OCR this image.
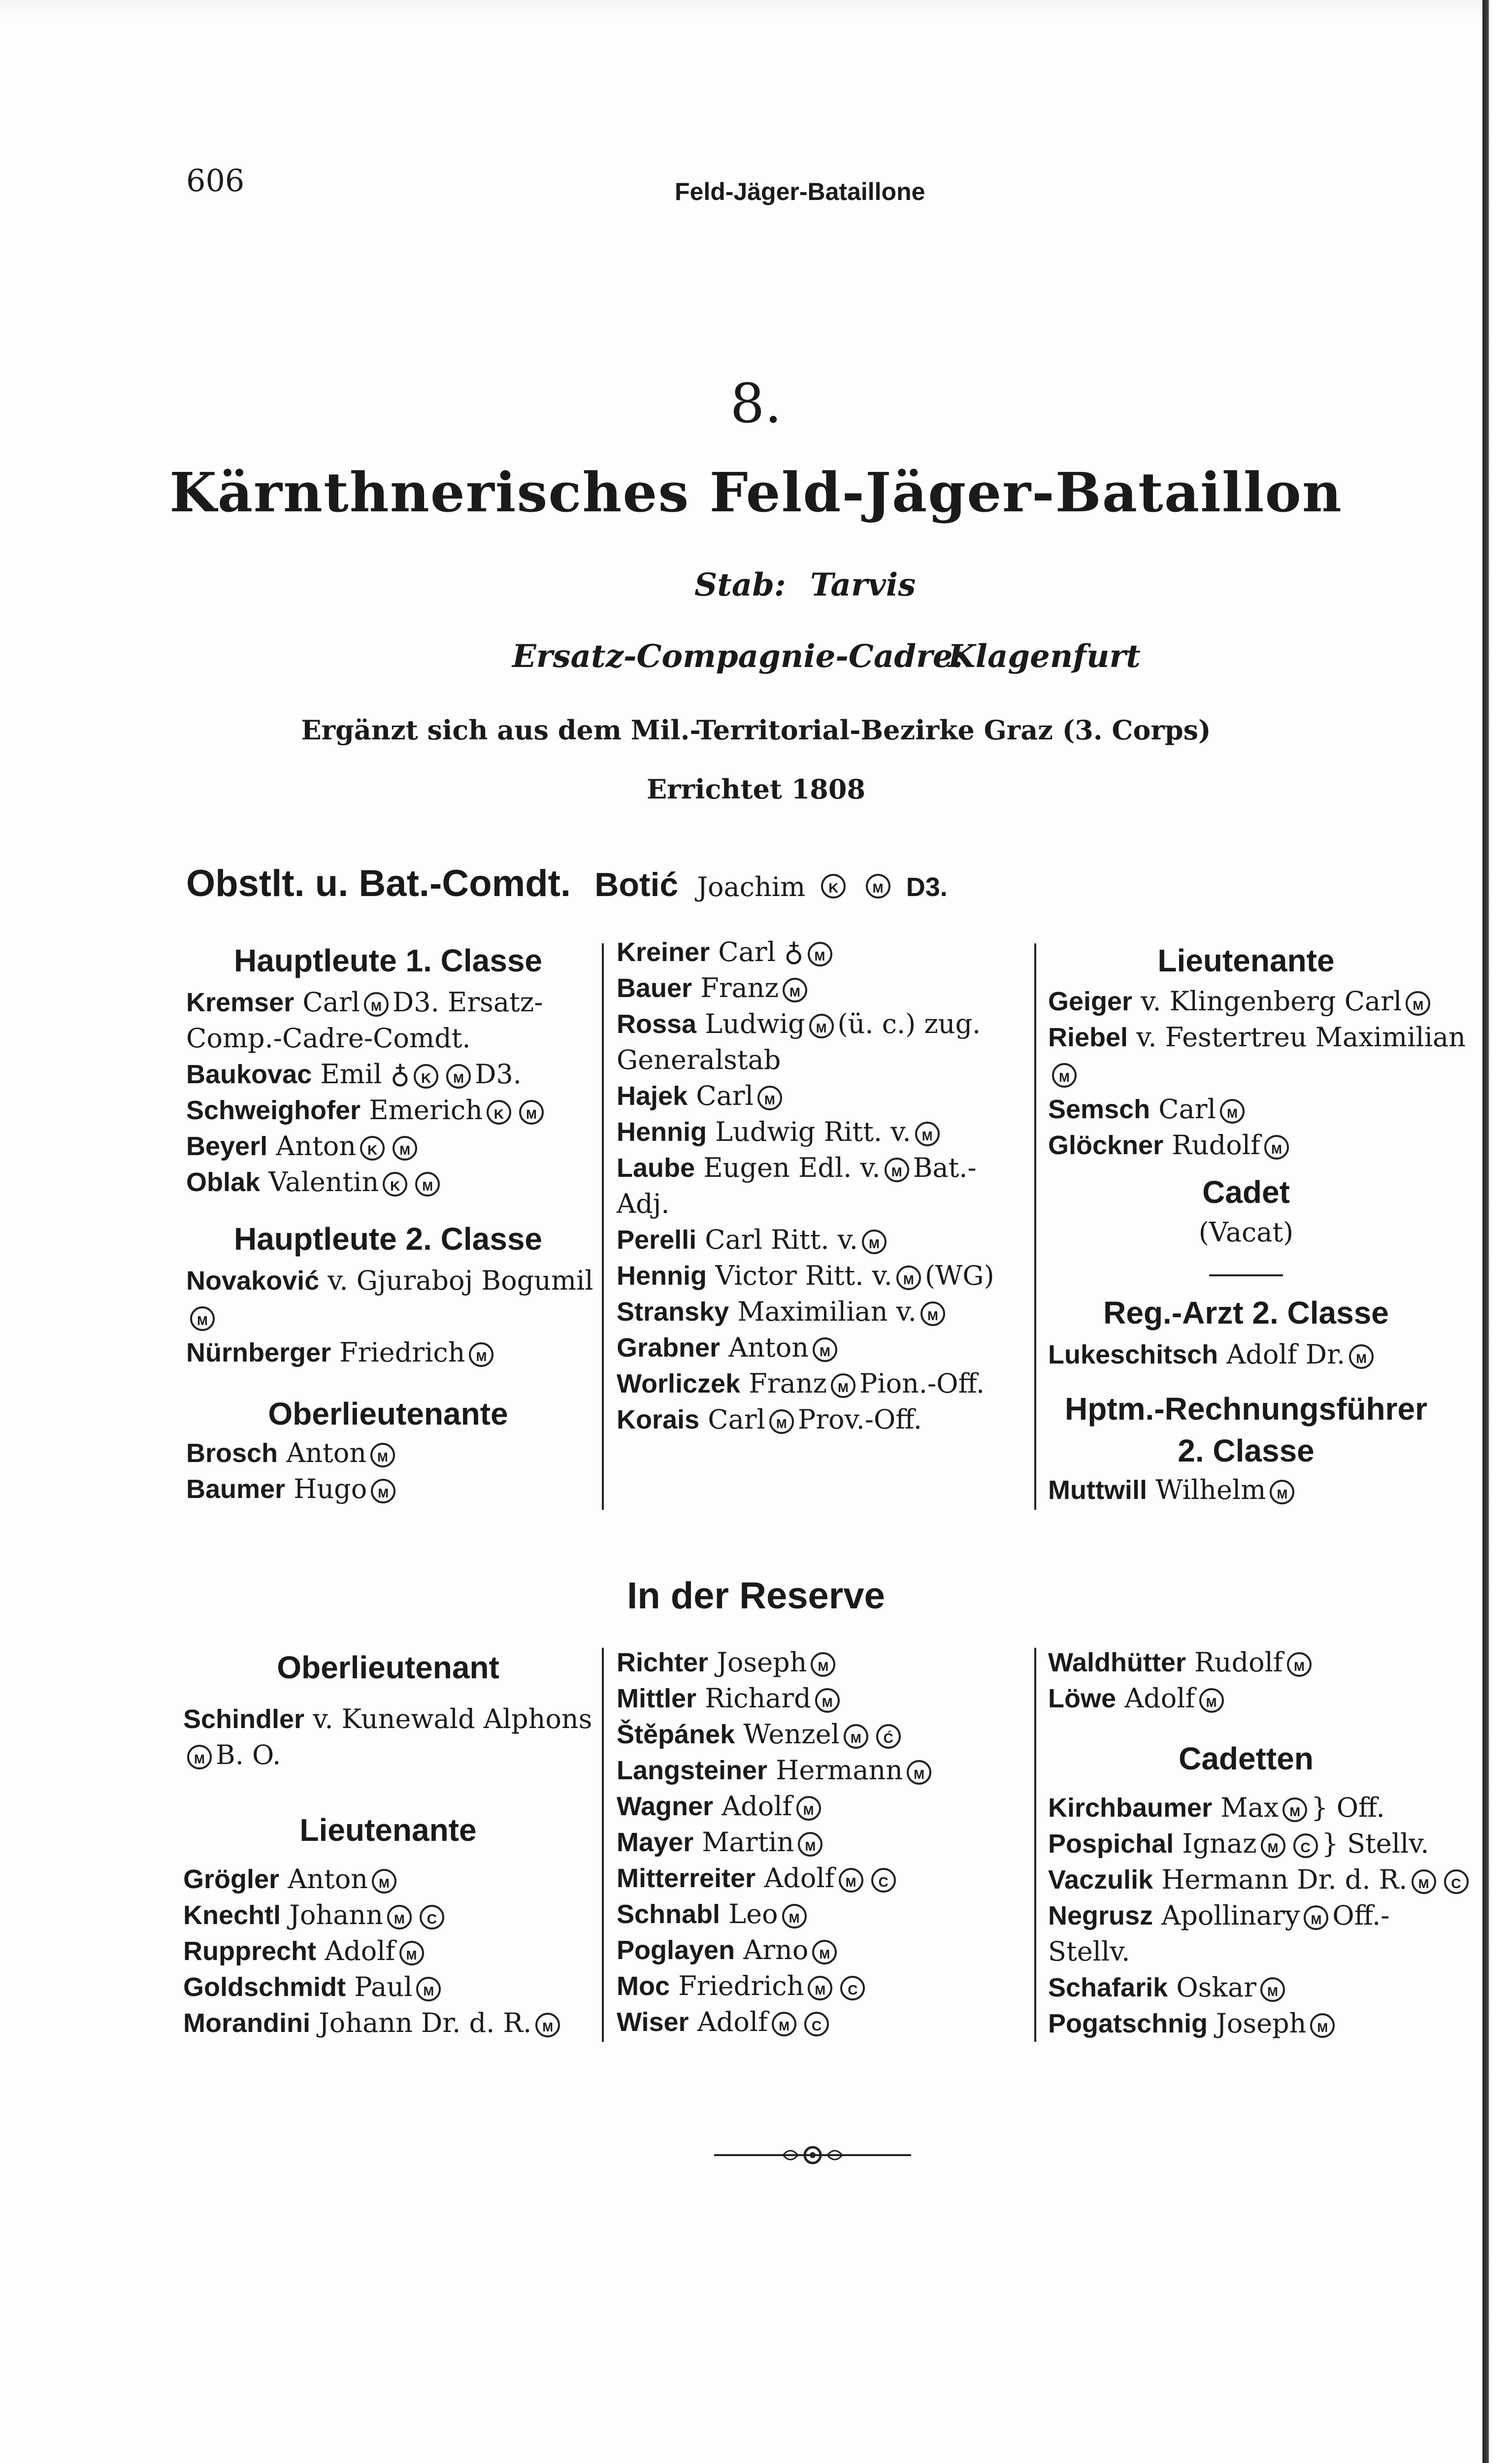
606	Feld-Jäger-Bataillone
8.
Kärnthnerisches Feld-Jäger-Bataillon
Stab: Tarvis
Ersatz-Compagnie-Cadre:
Klagenfurt
Ergänzt sich aus dem Mil.-Territorial-Bezirke Graz (3. Corps)
Errichtet 1808
Obstlt. u. Bat.-Comdt. Botić Joachim K	M D3.
Hauptleute 1. Classe
Kremser Carl M D3. Ersatz-
Comp.-Cadre-Comdt.
Baukovac Emil ♁ K M D3.
Schweighofer Emerich K M
Beyerl Anton K M
Oblak Valentin K M
Hauptleute 2. Classe
Novaković v. Gjuraboj Bogumil
M
Nürnberger Friedrich M
Oberlieutenante
Brosch Anton M
Baumer Hugo M
Kreiner Carl ♁ M
Bauer Franz M
Rossa Ludwig M (ü. c.) zug.
Generalstab
Hajek Carl M
Hennig Ludwig Ritt. v. M
Laube Eugen Edl. v. M Bat.-
Adj.
Perelli Carl Ritt. v. M
Hennig Victor Ritt. v. M (WG)
Stransky Maximilian v. M
Grabner Anton M
Worliczek Franz M Pion.-Off.
Korais Carl M Prov.-Off.
Lieutenante
Geiger v. Klingenberg Carl M
Riebel v. Festertreu Maximilian
M
Semsch Carl M
Glöckner Rudolf M
Cadet
(Vacat)
Reg.-Arzt 2. Classe
Lukeschitsch Adolf Dr. M
Hptm.-Rechnungsführer
2. Classe
Muttwill Wilhelm M
In der Reserve
Oberlieutenant
Schindler v. Kunewald Alphons
M B. O.
Lieutenante
Grögler Anton M
Knechtl Johann M C
Rupprecht Adolf M
Goldschmidt Paul M
Morandini Johann Dr. d. R. M
Richter Joseph M
Mittler Richard M
Štěpánek Wenzel M Ć
Langsteiner Hermann M
Wagner Adolf M
Mayer Martin M
Mitterreiter Adolf M C
Schnabl Leo M
Poglayen Arno M
Moc Friedrich M C
Wiser Adolf M C
Waldhütter Rudolf M
Löwe Adolf M
Cadetten
Kirchbaumer Max M } Off.
Pospichal Ignaz M C } Stellv.
Vaczulik Hermann Dr. d. R. M C
Negrusz Apollinary M Off.-
Stellv.
Schafarik Oskar M
Pogatschnig Joseph M
